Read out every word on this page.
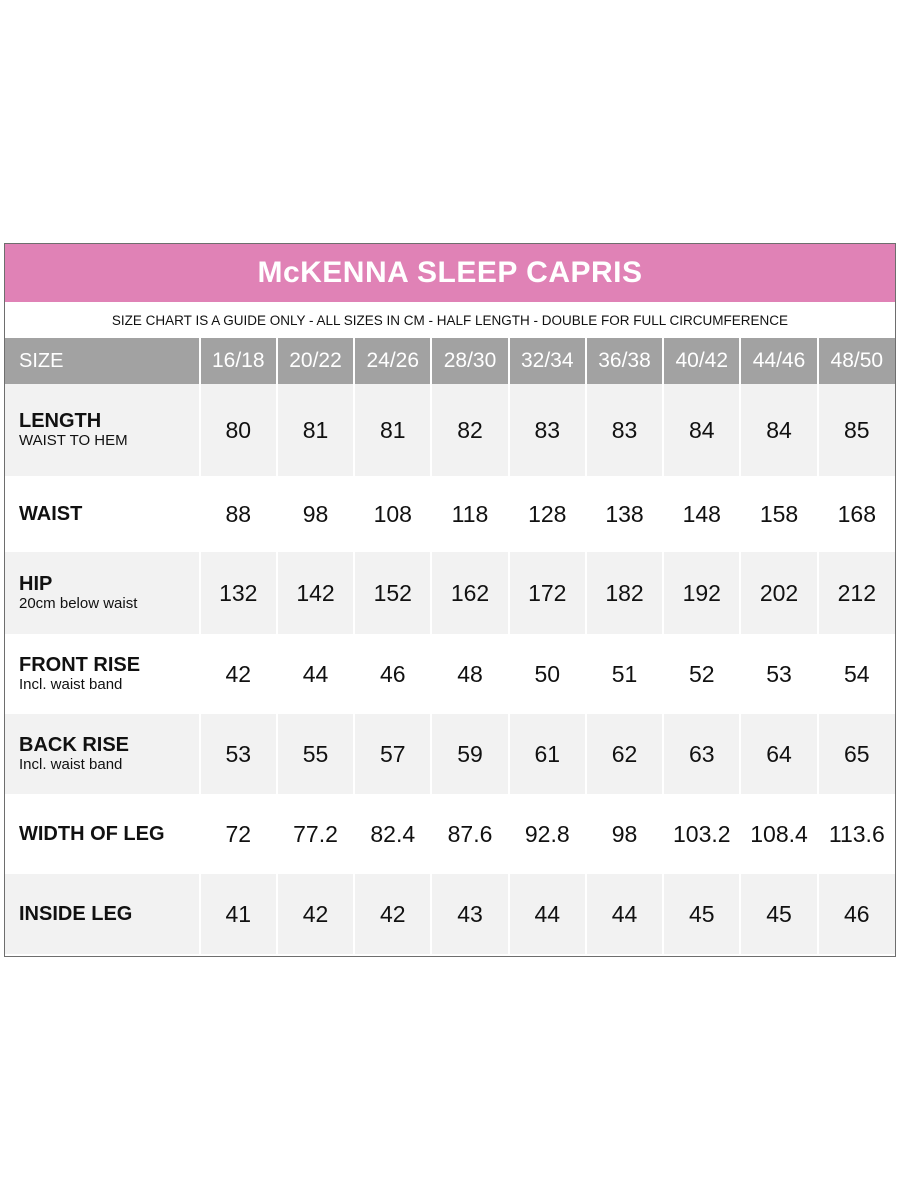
McKENNA SLEEP CAPRIS
SIZE CHART IS A GUIDE ONLY - ALL SIZES IN CM - HALF LENGTH - DOUBLE FOR FULL CIRCUMFERENCE
SIZE	16/18	20/22	24/26	28/30	32/34	36/38	40/42	44/46	48/50

LENGTH
WAIST TO HEM	80	81	81	82	83	83	84	84	85

WAIST	88	98	108	118	128	138	148	158	168

HIP
20cm below waist	132	142	152	162	172	182	192	202	212

FRONT RISE
Incl. waist band	42	44	46	48	50	51	52	53	54

BACK RISE
Incl. waist band	53	55	57	59	61	62	63	64	65

WIDTH OF LEG	72	77.2	82.4	87.6	92.8	98	103.2	108.4	113.6

INSIDE LEG	41	42	42	43	44	44	45	45	46
